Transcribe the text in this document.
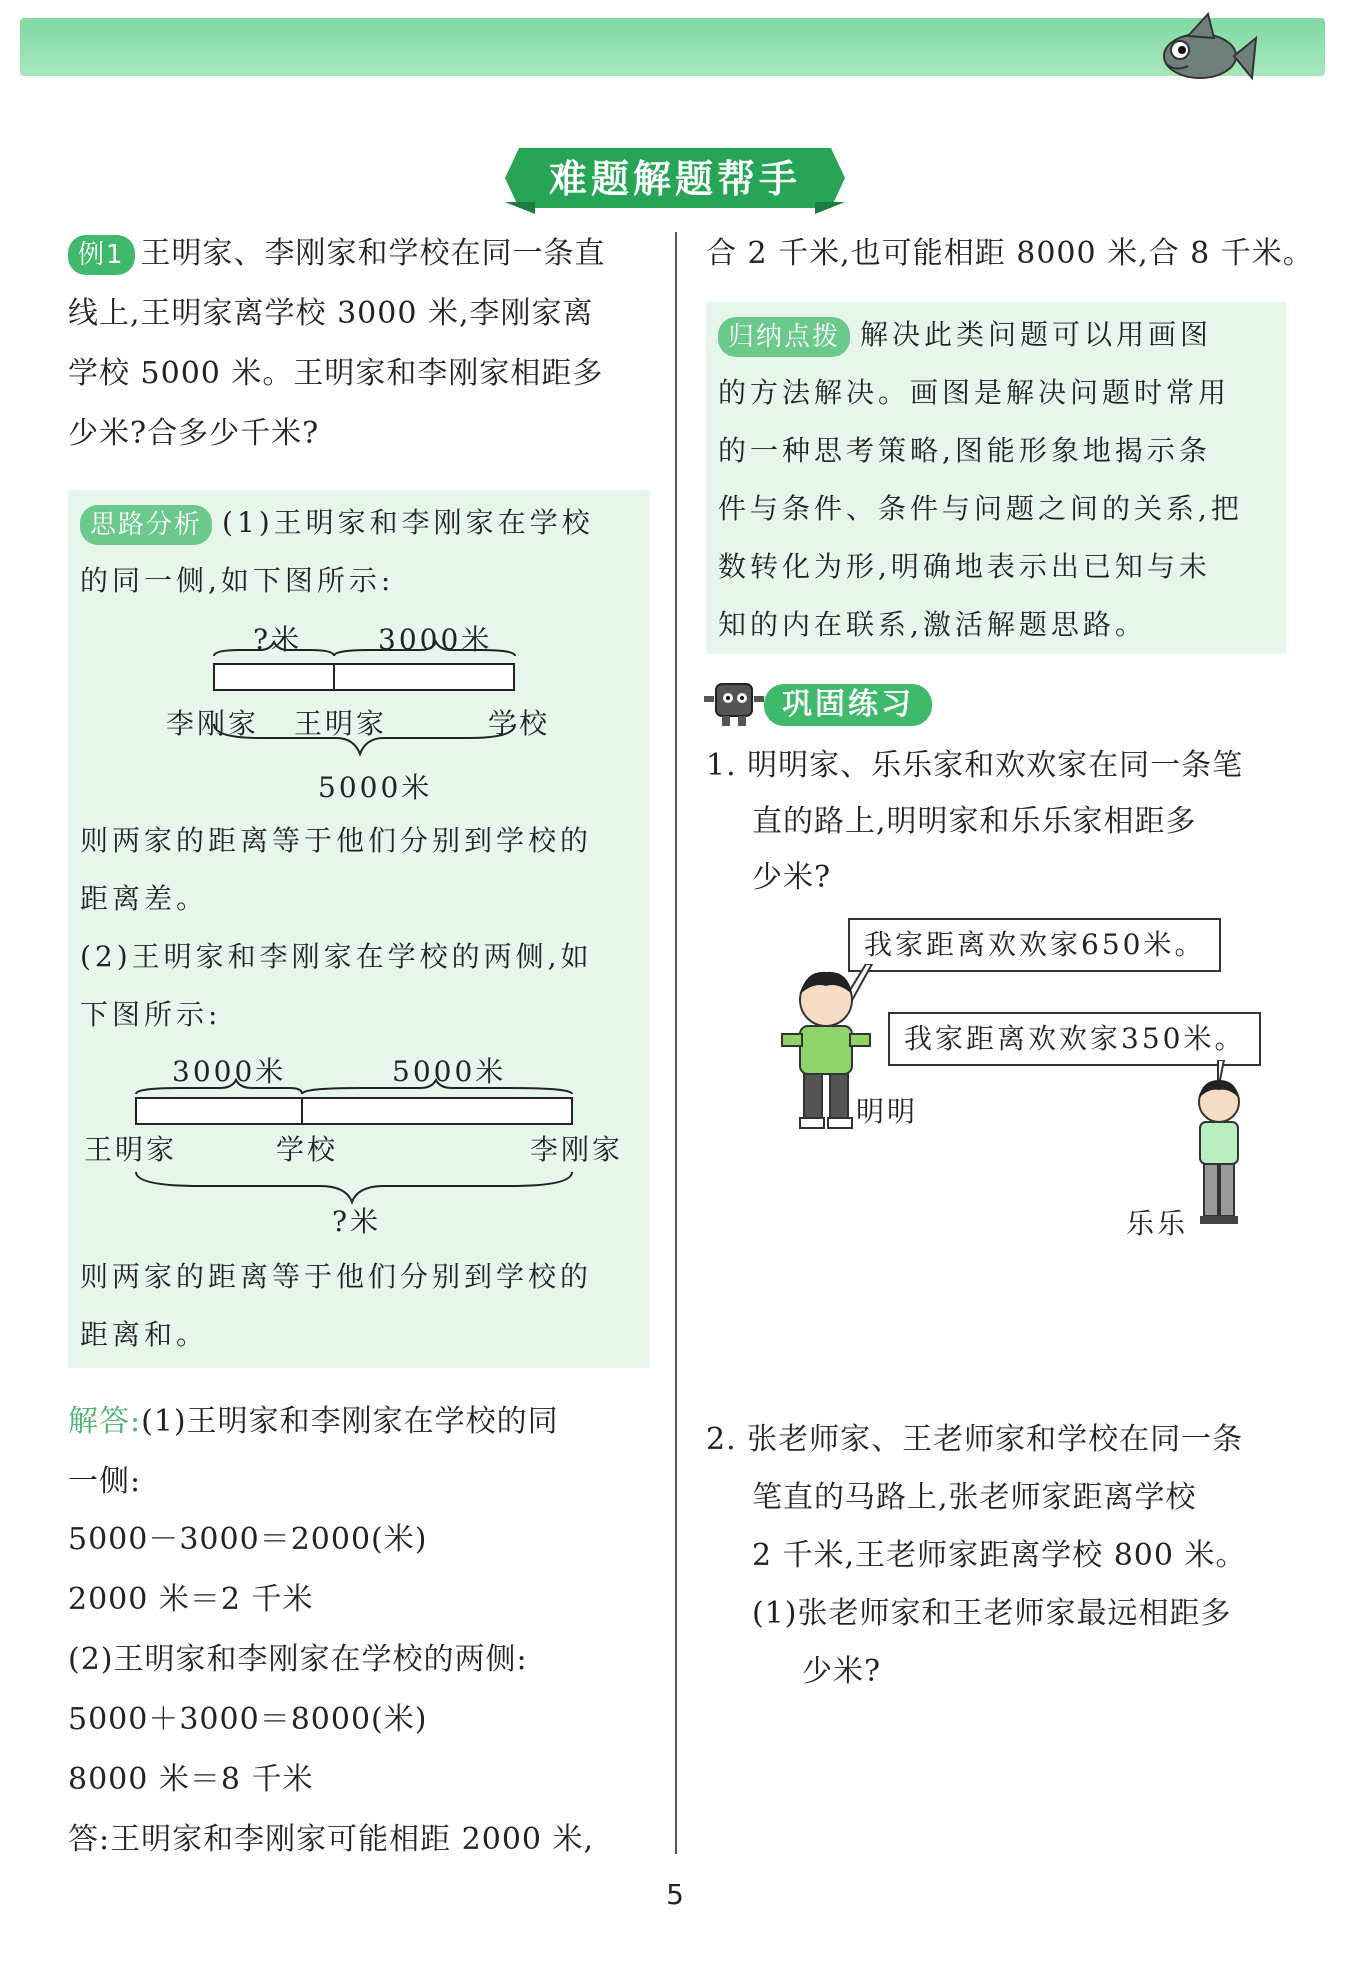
难题解题帮手
例1 王明家、李刚家和学校在同一条直
线上,王明家离学校 3000 米,李刚家离
学校 5000 米。王明家和李刚家相距多
少米?合多少千米?
思路分析 (1)王明家和李刚家在学校
的同一侧,如下图所示:
?米	3000米
李刚家 王明家	学校
5000米
则两家的距离等于他们分别到学校的
距离差。
(2)王明家和李刚家在学校的两侧,如
下图所示:
3000米	5000米
王明家	学校	李刚家
?米
则两家的距离等于他们分别到学校的
距离和。
解答:(1)王明家和李刚家在学校的同
一侧:
5000－3000＝2000(米)
2000 米＝2 千米
(2)王明家和李刚家在学校的两侧:
5000＋3000＝8000(米)
8000 米＝8 千米
答:王明家和李刚家可能相距 2000 米,
合 2 千米,也可能相距 8000 米,合 8 千米。
归纳点拨 解决此类问题可以用画图
的方法解决。画图是解决问题时常用
的一种思考策略,图能形象地揭示条
件与条件、条件与问题之间的关系,把
数转化为形,明确地表示出已知与未
知的内在联系,激活解题思路。
巩固练习
1. 明明家、乐乐家和欢欢家在同一条笔
直的路上,明明家和乐乐家相距多
少米?
我家距离欢欢家650米。
我家距离欢欢家350米。
明明
乐乐
2. 张老师家、王老师家和学校在同一条
笔直的马路上,张老师家距离学校
2 千米,王老师家距离学校 800 米。
(1)张老师家和王老师家最远相距多
少米?
5
